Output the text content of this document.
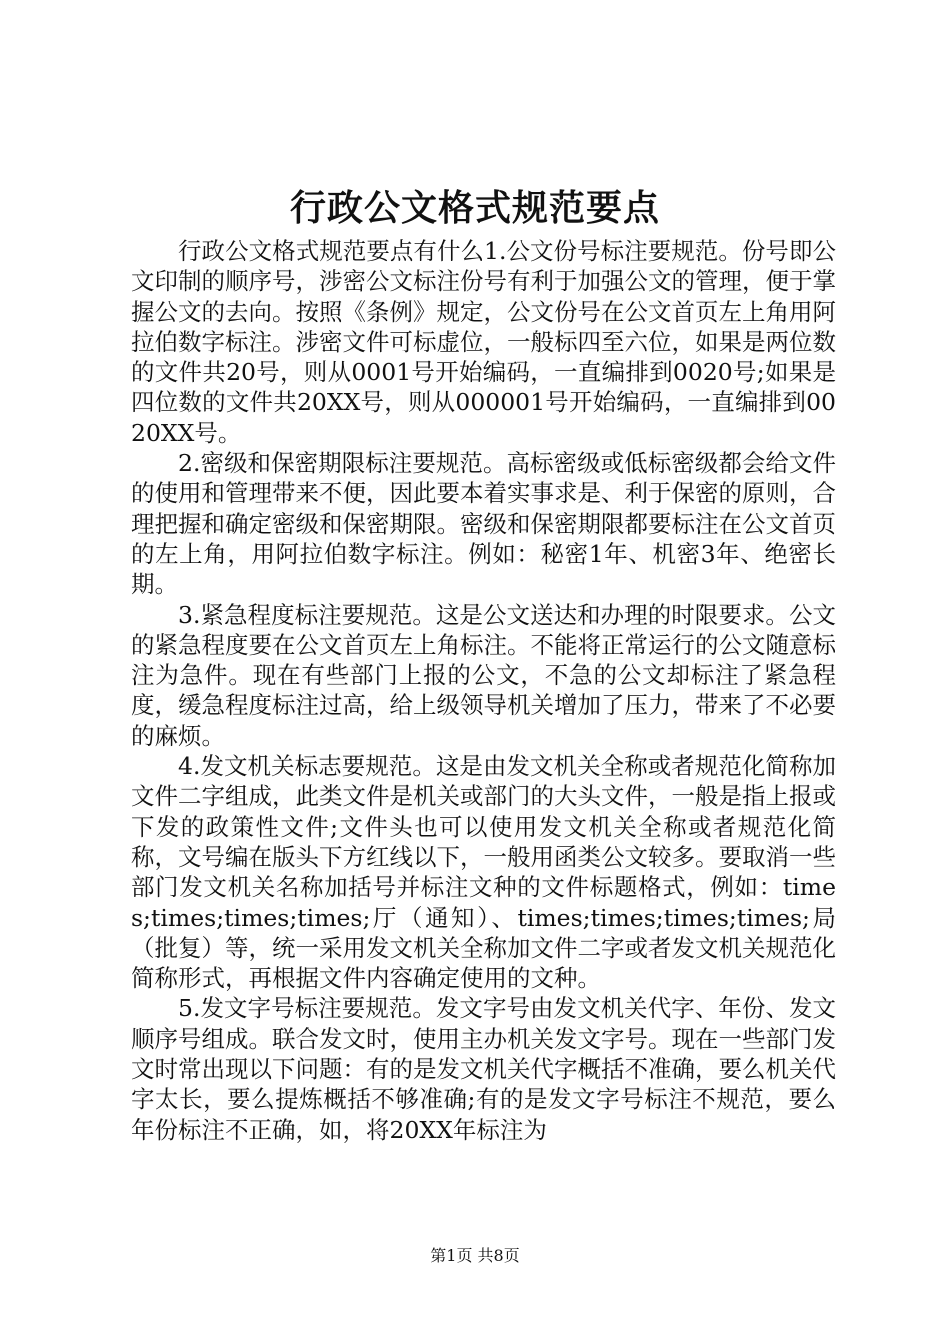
行政公文格式规范要点

行政公文格式规范要点有什么1.公文份号标注要规范。份号即公文印制的顺序号，涉密公文标注份号有利于加强公文的管理，便于掌握公文的去向。按照《条例》规定，公文份号在公文首页左上角用阿拉伯数字标注。涉密文件可标虚位，一般标四至六位，如果是两位数的文件共20号，则从0001号开始编码，一直编排到0020号;如果是四位数的文件共20XX号，则从000001号开始编码，一直编排到0020XX号。

2.密级和保密期限标注要规范。高标密级或低标密级都会给文件的使用和管理带来不便，因此要本着实事求是、利于保密的原则，合理把握和确定密级和保密期限。密级和保密期限都要标注在公文首页的左上角，用阿拉伯数字标注。例如：秘密1年、机密3年、绝密长期。

3.紧急程度标注要规范。这是公文送达和办理的时限要求。公文的紧急程度要在公文首页左上角标注。不能将正常运行的公文随意标注为急件。现在有些部门上报的公文，不急的公文却标注了紧急程度，缓急程度标注过高，给上级领导机关增加了压力，带来了不必要的麻烦。

4.发文机关标志要规范。这是由发文机关全称或者规范化简称加文件二字组成，此类文件是机关或部门的大头文件，一般是指上报或下发的政策性文件;文件头也可以使用发文机关全称或者规范化简称，文号编在版头下方红线以下，一般用函类公文较多。要取消一些部门发文机关名称加括号并标注文种的文件标题格式，例如：times;times;times;times;厅（通知）、times;times;times;times;局（批复）等，统一采用发文机关全称加文件二字或者发文机关规范化简称形式，再根据文件内容确定使用的文种。

5.发文字号标注要规范。发文字号由发文机关代字、年份、发文顺序号组成。联合发文时，使用主办机关发文字号。现在一些部门发文时常出现以下问题：有的是发文机关代字概括不准确，要么机关代字太长，要么提炼概括不够准确;有的是发文字号标注不规范，要么年份标注不正确，如，将20XX年标注为

第1页 共8页
